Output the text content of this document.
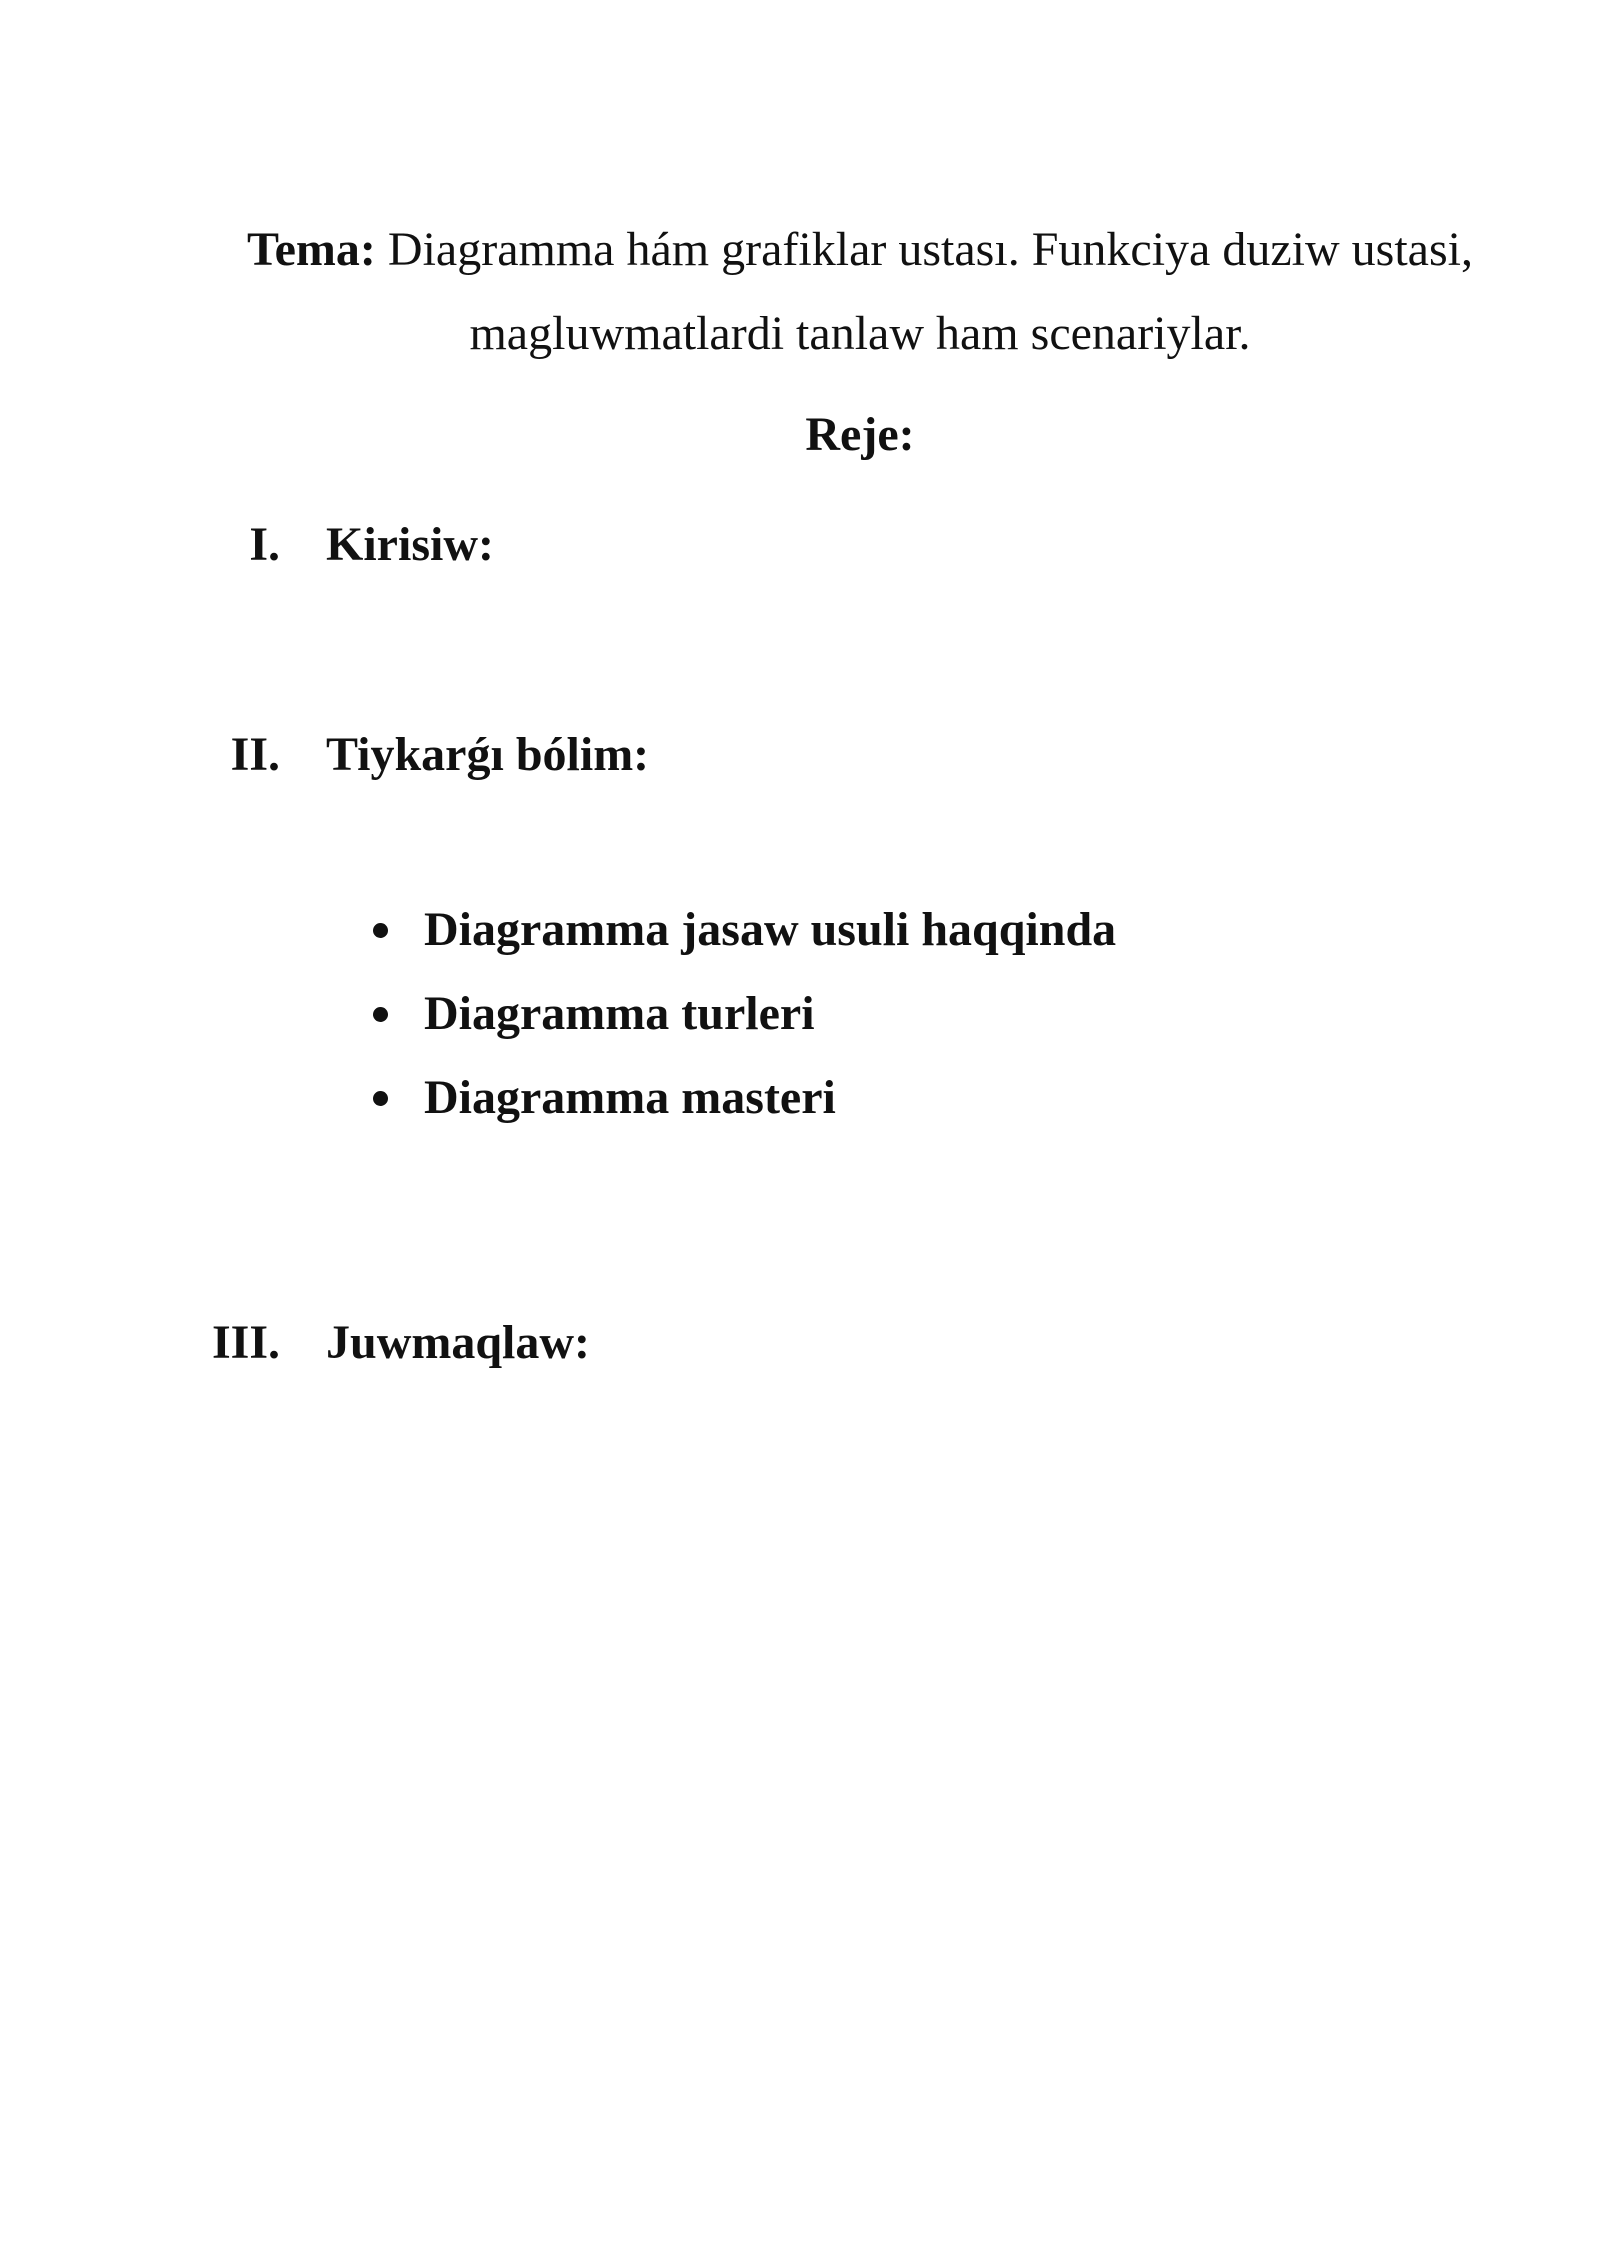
Tema: Diagramma hám grafiklar ustası. Funkciya duziw ustasi,
magluwmatlardi tanlaw ham scenariylar.
Reje:
I. Kirisiw:
II. Tiykarǵı bólim:
Diagramma jasaw usuli haqqinda
Diagramma turleri
Diagramma masteri
III. Juwmaqlaw:
